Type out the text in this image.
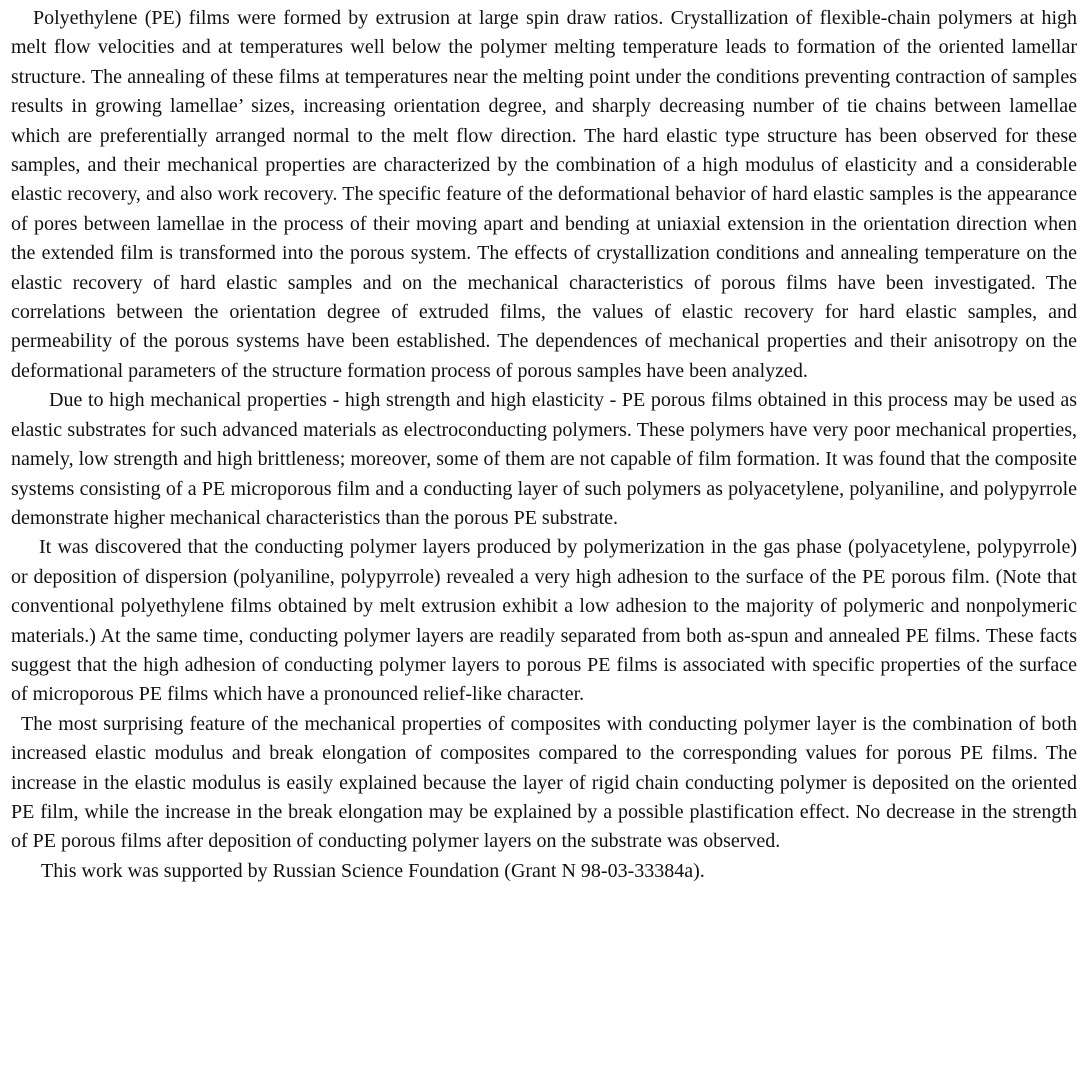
Polyethylene (PE) films were formed by extrusion at large spin draw ratios. Crystallization of flexible-chain polymers at high melt flow velocities and at temperatures well below the polymer melting temperature leads to formation of the oriented lamellar structure. The annealing of these films at temperatures near the melting point under the conditions preventing contraction of samples results in growing lamellae’ sizes, increasing orientation degree, and sharply decreasing number of tie chains between lamellae which are preferentially arranged normal to the melt flow direction. The hard elastic type structure has been observed for these samples, and their mechanical properties are characterized by the combination of a high modulus of elasticity and a considerable elastic recovery, and also work recovery. The specific feature of the deformational behavior of hard elastic samples is the appearance of pores between lamellae in the process of their moving apart and bending at uniaxial extension in the orientation direction when the extended film is transformed into the porous system. The effects of crystallization conditions and annealing temperature on the elastic recovery of hard elastic samples and on the mechanical characteristics of porous films have been investigated. The correlations between the orientation degree of extruded films, the values of elastic recovery for hard elastic samples, and permeability of the porous systems have been established. The dependences of mechanical properties and their anisotropy on the deformational parameters of the structure formation process of porous samples have been analyzed.

Due to high mechanical properties - high strength and high elasticity - PE porous films obtained in this process may be used as elastic substrates for such advanced materials as electroconducting polymers. These polymers have very poor mechanical properties, namely, low strength and high brittleness; moreover, some of them are not capable of film formation. It was found that the composite systems consisting of a PE microporous film and a conducting layer of such polymers as polyacetylene, polyaniline, and polypyrrole demonstrate higher mechanical characteristics than the porous PE substrate.

It was discovered that the conducting polymer layers produced by polymerization in the gas phase (polyacetylene, polypyrrole) or deposition of dispersion (polyaniline, polypyrrole) revealed a very high adhesion to the surface of the PE porous film. (Note that conventional polyethylene films obtained by melt extrusion exhibit a low adhesion to the majority of polymeric and nonpolymeric materials.) At the same time, conducting polymer layers are readily separated from both as-spun and annealed PE films. These facts suggest that the high adhesion of conducting polymer layers to porous PE films is associated with specific properties of the surface of microporous PE films which have a pronounced relief-like character.

The most surprising feature of the mechanical properties of composites with conducting polymer layer is the combination of both increased elastic modulus and break elongation of composites compared to the corresponding values for porous PE films. The increase in the elastic modulus is easily explained because the layer of rigid chain conducting polymer is deposited on the oriented PE film, while the increase in the break elongation may be explained by a possible plastification effect. No decrease in the strength of PE porous films after deposition of conducting polymer layers on the substrate was observed.

This work was supported by Russian Science Foundation (Grant N 98-03-33384a).
